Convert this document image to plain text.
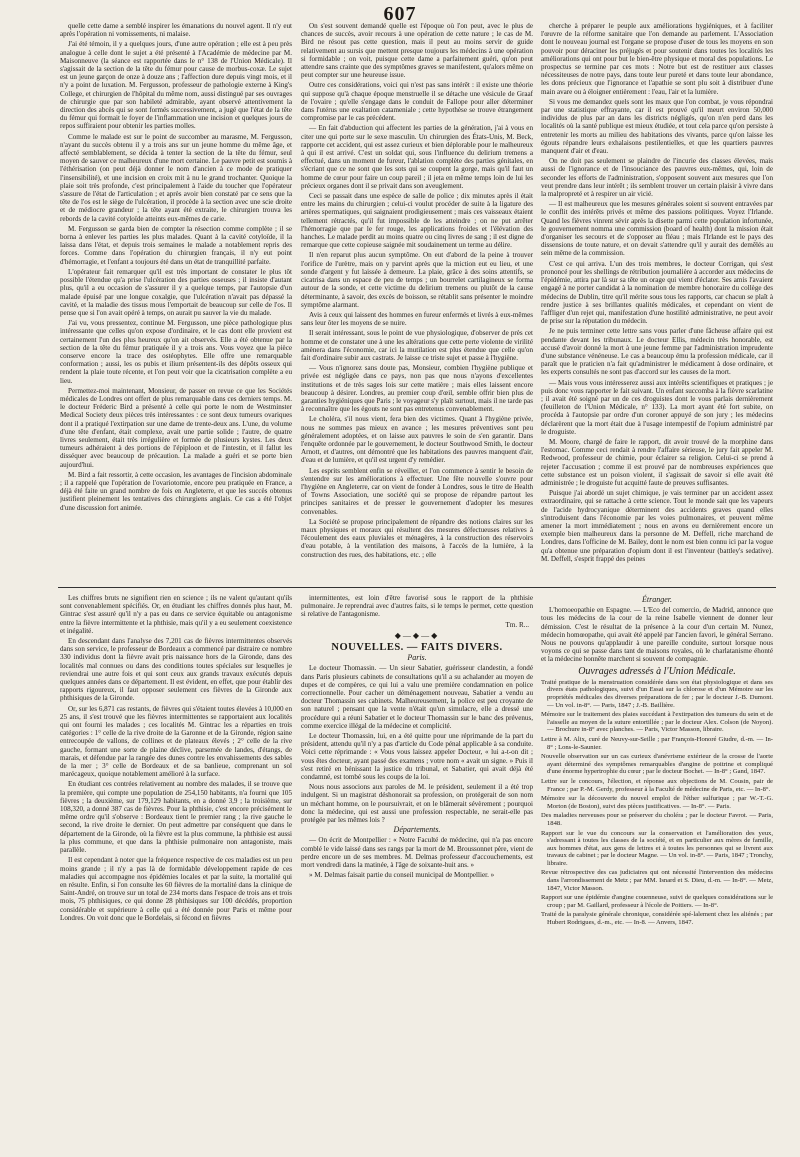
607

quelle cette dame a semblé inspirer les émanations du nouvel agent. Il n'y eut après l'opération ni vomissements, ni malaise.

J'ai été témoin, il y a quelques jours, d'une autre opération ; elle est à peu près analogue à celle dont le sujet a été présenté à l'Académie de médecine par M. Maisonneuve (la séance est rapportée dans le n° 138 de l'Union Médicale). Il s'agissait de la section de la tête du fémur pour cause de morbus-coxæ. Le sujet est un jeune garçon de onze à douze ans ; l'affection dure depuis vingt mois, et il n'y a point de luxation. M. Fergusson, professeur de pathologie externe à King's College, et chirurgien de l'hôpital du même nom, aussi distingué par ses ouvrages de chirurgie que par son habileté admirable, ayant observé attentivement la direction des abcès qui se sont formés successivement, a jugé que l'état de la tête du fémur qui formait le foyer de l'inflammation une incision et quelques jours de repos suffiraient pour obtenir les parties molles.

Comme le malade est sur le point de succomber au marasme, M. Fergusson, n'ayant du succès obtenu il y a trois ans sur un jeune homme du même âge, et affecté semblablement, se décida à tenter la section de la tête du fémur, seul moyen de sauver ce malheureux d'une mort certaine. Le pauvre petit est soumis à l'éthérisation (on peut déjà donner le nom d'ancien à ce mode de pratiquer l'insensibilité), et une incision en croix mit à nu le grand trochanter. Quoique la plaie soit très profonde, c'est principalement à l'aide du toucher que l'opérateur s'assure de l'état de l'articulation ; et après avoir bien constaté par ce sens que la tête de l'os est le siège de l'ulcération, il procède à la section avec une scie droite et de médiocre grandeur ; la tête ayant été extraite, le chirurgien trouva les rebords de la cavité cotyloïde atteints eux-mêmes de carie.

M. Fergusson se garda bien de compter la résection comme complète ; il se borna à enlever les parties les plus malades. Quant à la cavité cotyloïde, il la laissa dans l'état, et depuis trois semaines le malade a notablement repris des forces. Comme dans l'opération du chirurgien français, il n'y eut point d'hémorragie, et l'enfant a toujours été dans un état de tranquillité parfaite.

L'opérateur fait remarquer qu'il est très important de constater le plus tôt possible l'étendue qu'a prise l'ulcération des parties osseuses ; il insiste d'autant plus, qu'il a eu occasion de s'assurer il y a quelque temps, par l'autopsie d'un malade épuisé par une longue coxalgie, que l'ulcération n'avait pas dépassé la cavité, et la maladie des tissus mous l'emportait de beaucoup sur celle de l'os. Il pense que si l'on avait opéré à temps, on aurait pu sauver la vie du malade.

J'ai vu, vous pressentez, continue M. Fergusson, une pièce pathologique plus intéressante que celles qu'on expose d'ordinaire, et le cas dont elle provient est certainement l'un des plus heureux qu'on ait observés. Elle a été obtenue par la section de la tête du fémur pratiquée il y a trois ans. Vous voyez que la pièce conserve encore la trace des ostéophytes. Elle offre une remarquable conformation ; aussi, les os pubis et ilium présentent-ils des dépôts osseux qui rendent la plaie toute récente, et l'on peut voir que la cicatrisation complète a eu lieu.

Permettez-moi maintenant, Monsieur, de passer en revue ce que les Sociétés médicales de Londres ont offert de plus remarquable dans ces derniers temps. M. le docteur Fréderic Bird a présenté à celle qui porte le nom de Westminster Medical Society deux pièces très intéressantes : ce sont deux tumeurs ovariques dont il a pratiqué l'extirpation sur une dame de trente-deux ans. L'une, du volume d'une tête d'enfant, était complexe, avait une partie solide ; l'autre, de quatre livres seulement, était très irrégulière et formée de plusieurs kystes. Les deux tumeurs adhéraient à des portions de l'épiploon et de l'intestin, et il fallut les disséquer avec beaucoup de précaution. La malade a guéri et se porte bien aujourd'hui.

M. Bird a fait ressortir, à cette occasion, les avantages de l'incision abdominale ; il a rappelé que l'opération de l'ovariotomie, encore peu pratiquée en France, a déjà été faite un grand nombre de fois en Angleterre, et que les succès obtenus justifient pleinement les tentatives des chirurgiens anglais. Ce cas a été l'objet d'une discussion fort animée.

On s'est souvent demandé quelle est l'époque où l'on peut, avec le plus de chances de succès, avoir recours à une opération de cette nature ; le cas de M. Bird ne résout pas cette question, mais il peut au moins servir de guide relativement au sursis que mettent presque toujours les médecins à une opération si formidable ; on voit, puisque cette dame a parfaitement guéri, qu'on peut attendre sans crainte que des symptômes graves se manifestent, qu'alors même on peut compter sur une heureuse issue.

Outre ces considérations, voici qui n'est pas sans intérêt : il existe une théorie qui suppose qu'à chaque époque menstruelle il se détache une vésicule de Graaf de l'ovaire ; qu'elle s'engage dans le conduit de Fallope pour aller déterminer dans l'utérus une exaltation catameniale ; cette hypothèse se trouve étrangement compromise par le cas précédent.

— En fait d'abduction qui affectent les parties de la génération, j'ai à vous en citer une qui porte sur le sexe masculin. Un chirurgien des États-Unis, M. Beck, rapporte cet accident, qui est assez curieux et bien déplorable pour le malheureux à qui il est arrivé. C'est un soldat qui, sous l'influence du delirium tremens a effectué, dans un moment de fureur, l'ablation complète des parties génitales, en s'écriant que ce ne sont que les sots qui se coupent la gorge, mais qu'il faut un homme de cœur pour faire un coup pareil ; il jeta en même temps loin de lui les précieux organes dont il se privait dans son aveuglement.

Ceci se passait dans une espèce de salle de police ; dix minutes après il était entre les mains du chirurgien ; celui-ci voulut procéder de suite à la ligature des artères spermatiques, qui saignaient prodigieusement ; mais ces vaisseaux étaient tellement rétractés, qu'il fut impossible de les atteindre ; on ne put arrêter l'hémorragie que par le fer rouge, les applications froides et l'élévation des hanches. Le malade perdit au moins quatre ou cinq livres de sang ; il est digne de remarque que cette copieuse saignée mit soudainement un terme au délire.

Il n'en reparut plus aucun symptôme. On eut d'abord de la peine à trouver l'orifice de l'urètre, mais on y parvint après que la miction eut eu lieu, et une sonde d'argent y fut laissée à demeure. La plaie, grâce à des soins attentifs, se cicatrisa dans un espace de peu de temps ; un bourrelet cartilagineux se forma autour de la sonde, et cette victime du delirium tremens ou plutôt de la cause déterminante, à savoir, des excès de boisson, se rétablit sans présenter le moindre symptôme alarmant.

Avis à ceux qui laissent des hommes en fureur enfermés et livrés à eux-mêmes sans leur ôter les moyens de se nuire.

Il serait intéressant, sous le point de vue physiologique, d'observer de près cet homme et de constater une à une les altérations que cette perte violente de virilité amènera dans l'économie, car ici la mutilation est plus étendue que celle qu'on fait d'ordinaire subir aux castrats. Je laisse ce triste sujet et passe à l'hygiène.

— Vous n'ignorez sans doute pas, Monsieur, combien l'hygiène publique et privée est négligée dans ce pays, non pas que nous n'ayons d'excellentes institutions et de très sages lois sur cette matière ; mais elles laissent encore beaucoup à désirer. Londres, au premier coup d'œil, semble offrir bien plus de garanties hygiéniques que Paris ; le voyageur s'y plaît surtout, mais il ne tarde pas à reconnaître que les égouts ne sont pas entretenus convenablement.

Le choléra, s'il nous vient, fera bien des victimes. Quant à l'hygiène privée, nous ne sommes pas mieux en avance ; les mesures préventives sont peu généralement adoptées, et on laisse aux pauvres le soin de s'en garantir. Dans l'enquête ordonnée par le gouvernement, le docteur Southwood Smith, le docteur Arnott, et d'autres, ont démontré que les habitations des pauvres manquent d'air, d'eau et de lumière, et qu'il est urgent d'y remédier.

Les esprits semblent enfin se réveiller, et l'on commence à sentir le besoin de s'entendre sur les améliorations à effectuer. Une fête nouvelle s'ouvre pour l'hygiène en Angleterre, car on vient de fonder à Londres, sous le titre de Health of Towns Association, une société qui se propose de répandre partout les principes sanitaires et de presser le gouvernement d'adopter les mesures convenables.

La Société se propose principalement de répandre des notions claires sur les maux physiques et moraux qui résultent des mesures défectueuses relatives à l'écoulement des eaux pluviales et ménagères, à la construction des réservoirs d'eau potable, à la ventilation des maisons, à l'accès de la lumière, à la construction des rues, des habitations, etc. ; elle

cherche à préparer le peuple aux améliorations hygiéniques, et à faciliter l'œuvre de la réforme sanitaire que l'on demande au parlement. L'Association dont le nouveau journal est l'organe se propose d'user de tous les moyens en son pouvoir pour déraciner les préjugés et pour soutenir dans toutes les localités les améliorations qui ont pour but le bien-être physique et moral des populations. Le prospectus se termine par ces mots : Notre but est de restituer aux classes nécessiteuses de notre pays, dans toute leur pureté et dans toute leur abondance, les dons précieux que l'ignorance et l'apathie se sont plu soit à distribuer d'une main avare ou à éloigner entièrement : l'eau, l'air et la lumière.

Si vous me demandez quels sont les maux que l'on combat, je vous répondrai par une statistique effrayante, car il est prouvé qu'il meurt environ 50,000 individus de plus par an dans les districts négligés, qu'on n'en perd dans les localités où la santé publique est mieux étudiée, et tout cela parce qu'on persiste à entretenir les morts au milieu des habitations des vivants, parce qu'on laisse les égouts répandre leurs exhalaisons pestilentielles, et que les quartiers pauvres manquent d'air et d'eau.

On ne doit pas seulement se plaindre de l'incurie des classes élevées, mais aussi de l'ignorance et de l'insouciance des pauvres eux-mêmes, qui, loin de seconder les efforts de l'administration, s'opposent souvent aux mesures que l'on veut prendre dans leur intérêt ; ils semblent trouver un certain plaisir à vivre dans la malpropreté et à respirer un air vicié.

— Il est malheureux que les mesures générales soient si souvent entravées par le conflit des intérêts privés et même des passions politiques. Voyez l'Irlande. Quand les fièvres vinrent sévir après la disette parmi cette population infortunée, le gouvernement nomma une commission (board of health) dont la mission était d'organiser les secours et de s'opposer au fléau ; mais l'Irlande est le pays des dissensions de toute nature, et on devait s'attendre qu'il y aurait des demêlés au sein même de la commission.

C'est ce qui arriva. L'un des trois membres, le docteur Corrigan, qui s'est prononcé pour les shellings de rétribution journalière à accorder aux médecins de l'épidémie, attira par là sur sa tête un orage qui vient d'éclater. Ses amis l'avaient engagé à ne porter candidat à la nomination de membre honoraire du collège des médecins de Dublin, titre qu'il mérite sous tous les rapports, car chacun se plaît à rendre justice à ses brillantes qualités médicales, et cependant on vient de l'affliger d'un rejet qui, manifestation d'une hostilité administrative, ne peut avoir de prise sur la réputation du médecin.

Je ne puis terminer cette lettre sans vous parler d'une fâcheuse affaire qui est pendante devant les tribunaux. Le docteur Ellis, médecin très honorable, est accusé d'avoir donné la mort à une jeune femme par l'administration imprudente d'une substance vénéneuse. Le cas a beaucoup ému la profession médicale, car il paraît que le praticien n'a fait qu'administrer le médicament à dose ordinaire, et les experts consultés ne sont pas d'accord sur les causes de la mort.

— Mais vous vous intéresserez aussi aux intérêts scientifiques et pratiques ; je puis donc vous rapporter le fait suivant. Un enfant succomba à la fièvre scarlatine ; il avait été soigné par un de ces droguistes dont le vous parlais dernièrement (feuilleton de l'Union Médicale, n° 133). La mort ayant été fort subite, on procéda à l'autopsie par ordre d'un coroner appuyé de son jury ; les médecins déclarèrent que la mort était due à l'usage intempestif de l'opium administré par le droguiste.

M. Moore, chargé de faire le rapport, dit avoir trouvé de la morphine dans l'estomac. Comme ceci rendait à rendre l'affaire sérieuse, le jury fait appeler M. Redwood, professeur de chimie, pour éclairer sa religion. Celui-ci se prend à rejeter l'accusation ; comme il est prouvé par de nombreuses expériences que cette substance est un poison violent, il s'agissait de savoir si elle avait été administrée ; le droguiste fut acquitté faute de preuves suffisantes.

Puisque j'ai abordé un sujet chimique, je vais terminer par un accident assez extraordinaire, qui se rattache à cette science. Tout le monde sait que les vapeurs de l'acide hydrocyanique déterminent des accidents graves quand elles s'introduisent dans l'économie par les voies pulmonaires, et peuvent même amener la mort immédiatement ; nous en avons eu dernièrement encore un exemple bien malheureux dans la personne de M. Deffell, riche marchand de Londres, dans l'officine de M. Bailey, dont le nom est bien connu ici par la vogue qu'a obtenue une préparation d'opium dont il est l'inventeur (battley's sedative). M. Deffell, s'esprit frappé des peines

Les chiffres bruts ne signifient rien en science ; ils ne valent qu'autant qu'ils sont convenablement spécifiés. Or, en étudiant les chiffres donnés plus haut, M. Gintrac s'est assuré qu'il n'y a pas eu dans ce service équitable ou antagonisme entre la fièvre intermittente et la phthisie, mais qu'il y a eu seulement coexistence et inégalité.

En descendant dans l'analyse des 7,201 cas de fièvres intermittentes observés dans son service, le professeur de Bordeaux a commencé par distraire ce nombre 330 individus dont la fièvre avait pris naissance hors de la Gironde, dans des localités mal connues ou dans des conditions toutes spéciales sur lesquelles je reviendrai une autre fois et qui sont ceux aux grands travaux exécutés depuis quelques années dans ce département. Il est évident, en effet, que pour établir des rapports rigoureux, il faut opposer seulement ces fièvres de la Gironde aux phthisiques de la Gironde.

Or, sur les 6,871 cas restants, de fièvres qui s'étaient toutes élevées à 10,000 en 25 ans, il s'est trouvé que les fièvres intermittentes se rapportaient aux localités qui ont fourni les malades ; ces localités M. Gintrac les a réparties en trois catégories : 1° celle de la rive droite de la Garonne et de la Gironde, région saine entrecoupée de vallons, de collines et de plateaux élevés ; 2° celle de la rive gauche, formant une sorte de plaine déclive, parsemée de landes, d'étangs, de marais, et défendue par la rangée des dunes contre les envahissements des sables de la mer ; 3° celle de Bordeaux et de sa banlieue, comprenant un sol marécageux, quoique notablement amélioré à la surface.

En étudiant ces contrées relativement au nombre des malades, il se trouve que la première, qui compte une population de 254,150 habitants, n'a fourni que 105 fièvres ; la deuxième, sur 179,129 habitants, en a donné 3,9 ; la troisième, sur 108,320, a donné 387 cas de fièvres. Pour la phthisie, c'est encore précisément le même ordre qu'il s'observe : Bordeaux tient le premier rang ; la rive gauche le second, la rive droite le dernier. On peut admettre par conséquent que dans le département de la Gironde, où la fièvre est la plus commune, la phthisie est aussi la plus commune, et que dans la phthisie pulmonaire non antagoniste, mais parallèle.

Il est cependant à noter que la fréquence respective de ces maladies est un peu moins grande ; il n'y a pas là de formidable développement rapide de ces maladies qui accompagne nos épidémies locales et par la suite, la mortalité qui en résulte. Enfin, si l'on consulte les 60 fièvres de la mortalité dans la clinique de Saint-André, on trouve sur un total de 234 morts dans l'espace de trois ans et trois mois, 75 phthisiques, ce qui donne 28 phthisiques sur 100 décédés, proportion considérable et supérieure à celle qui a été donnée pour Paris et même pour Londres. On voit donc que le Bordelais, si fécond en fièvres

intermittentes, est loin d'être favorisé sous le rapport de la phthisie pulmonaire. Je reprendrai avec d'autres faits, si le temps le permet, cette question si relative de l'antagonisme.

Tm. R...
◆—◆—◆
NOUVELLES. — FAITS DIVERS.
Paris.

Le docteur Thomassin. — Un sieur Sabatier, guérisseur clandestin, a fondé dans Paris plusieurs cabinets de consultations qu'il a su achalander au moyen de dupes et de compères, ce qui lui a valu une première condamnation en police correctionnelle. Pour cacher un déménagement nouveau, Sabatier a vendu au docteur Thomassin ses cabinets. Malheureusement, la police est peu croyante de son naturel ; pensant que la vente n'était qu'un simulacre, elle a dressé une procédure qui a réuni Sabatier et le docteur Thomassin sur le banc des prévenus, comme exercice illégal de la médecine et complicité.

Le docteur Thomassin, lui, en a été quitte pour une réprimande de la part du président, attendu qu'il n'y a pas d'article du Code pénal applicable à sa conduite. Voici cette réprimande : « Vous vous laissez appeler Docteur, « lui a-t-on dit ; vous êtes docteur, ayant passé des examens ; votre nom « avait un signe. » Puis il s'est retiré en bénissant la justice du tribunal, et Sabatier, qui avait déjà été condamné, est tombé sous les coups de la loi.

Nous nous associons aux paroles de M. le président, seulement il a été trop indulgent. Si un magistrat déshonorait sa profession, on protégerait de son nom un méchant homme, on le poursuivrait, et on le blâmerait sévèrement ; pourquoi donc la médecine, qui est aussi une profession respectable, ne serait-elle pas protégée par les mêmes lois ?

Départements.

— On écrit de Montpellier : « Notre Faculté de médecine, qui n'a pas encore comblé le vide laissé dans ses rangs par la mort de M. Broussonnet père, vient de perdre encore un de ses membres. M. Delmas professeur d'accouchements, est mort vendredi dans la matinée, à l'âge de soixante-huit ans. »

» M. Delmas faisait partie du conseil municipal de Montpellier. »

Étranger.

L'homoeopathie en Espagne. — L'Eco del comercio, de Madrid, annonce que tous les médecins de la cour de la reine Isabelle viennent de donner leur démission. C'est le résultat de la présence à la cour d'un certain M. Nunez, médecin homœopathe, qui avait été appelé par l'ancien favori, le général Serrano. Nous ne pouvons qu'applaudir à une pareille conduite, surtout lorsque nous voyons ce qui se passe dans tant de maisons royales, où le charlatanisme éhonté et la médecine honnête marchent si souvent de compagnie.

Ouvrages adressés à l'Union Médicale.

Traité pratique de la menstruation considérée dans son état physiologique et dans ses divers états pathologiques, suivi d'un Essai sur la chlorose et d'un Mémoire sur les propriétés médicales des diverses préparations de fer ; par le docteur J.-B. Dumont. — Un vol. in-8°. — Paris, 1847 ; J.-B. Baillière.

Mémoire sur le traitement des plaies succédant à l'extirpation des tumeurs du sein et de l'aisselle au moyen de la suture entortillée ; par le docteur Alex. Colson (de Noyon). — Brochure in-8° avec planches. — Paris, Victor Masson, libraire.

Lettre à M. Alix, curé de Neuvy-sur-Seille ; par François-Honoré Giudre, d.-m. — In-8° ; Lons-le-Saunier.

Nouvelle observation sur un cas curieux d'anévrisme extérieur de la crosse de l'aorte ayant déterminé des symptômes remarquables d'angine de poitrine et compliqué d'une énorme hypertrophie du cœur ; par le docteur Bochet. — In-8° ; Gand, 1847.

Lettre sur le concours, l'élection, et réponse aux objections de M. Cousin, pair de France ; par P.-M. Gerdy, professeur à la Faculté de médecine de Paris, etc. — In-8°.

Mémoire sur la découverte du nouvel emploi de l'éther sulfurique ; par W.-T.-G. Morton (de Boston), suivi des pièces justificatives. — In-8°. — Paris.

Des maladies nerveuses pour se préserver du choléra ; par le docteur Favrot. — Paris, 1848.

Rapport sur le vue du concours sur la conservation et l'amélioration des yeux, s'adressant à toutes les classes de la société, et en particulier aux mères de famille, aux hommes d'état, aux gens de lettres et à toutes les personnes qui se livrent aux travaux de cabinet ; par le docteur Magne. — Un vol. in-8°. — Paris, 1847 ; Tronchy, libraire.

Revue rétrospective des cas judiciaires qui ont nécessité l'intervention des médecins dans l'arrondissement de Metz ; par MM. Isnard et S. Dieu, d.-m. — In-8°. — Metz, 1847, Victor Masson.

Rapport sur une épidémie d'angine couenneuse, suivi de quelques considérations sur le croup ; par M. Gaillard, professeur à l'école de Poitiers. — In-8°.

Traité de la paralysie générale chronique, considérée spé-lalement chez les aliénés ; par Hubert Rodrigues, d.-m., etc. — In-8. — Anvers, 1847.
